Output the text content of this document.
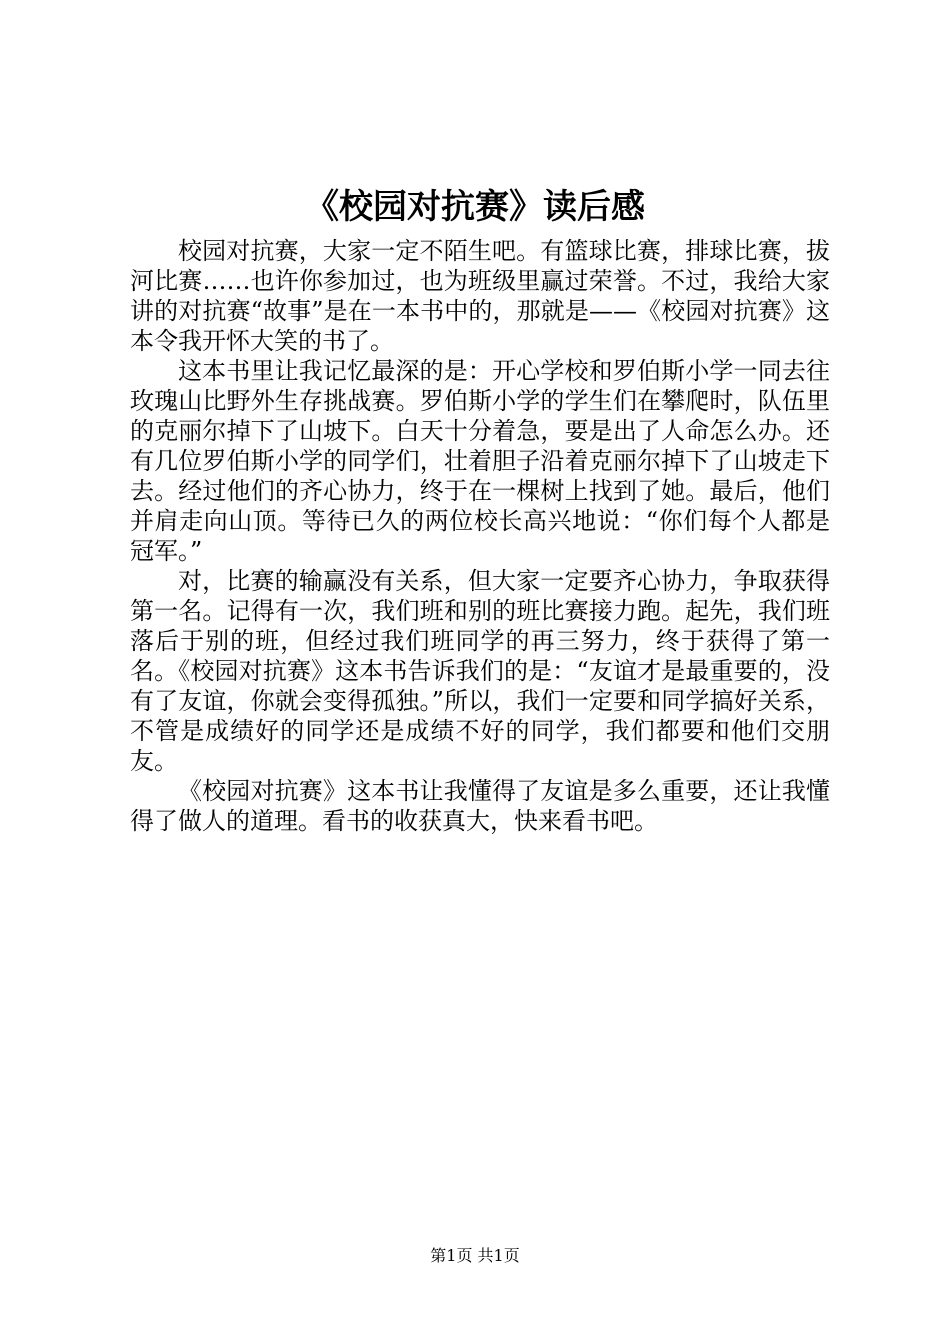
《校园对抗赛》读后感

校园对抗赛，大家一定不陌生吧。有篮球比赛，排球比赛，拔河比赛……也许你参加过，也为班级里赢过荣誉。不过，我给大家讲的对抗赛“故事”是在一本书中的，那就是——《校园对抗赛》这本令我开怀大笑的书了。

这本书里让我记忆最深的是：开心学校和罗伯斯小学一同去往玫瑰山比野外生存挑战赛。罗伯斯小学的学生们在攀爬时，队伍里的克丽尔掉下了山坡下。白天十分着急，要是出了人命怎么办。还有几位罗伯斯小学的同学们，壮着胆子沿着克丽尔掉下了山坡走下去。经过他们的齐心协力，终于在一棵树上找到了她。最后，他们并肩走向山顶。等待已久的两位校长高兴地说：“你们每个人都是冠军。”

对，比赛的输赢没有关系，但大家一定要齐心协力，争取获得第一名。记得有一次，我们班和别的班比赛接力跑。起先，我们班落后于别的班，但经过我们班同学的再三努力，终于获得了第一名。《校园对抗赛》这本书告诉我们的是：“友谊才是最重要的，没有了友谊，你就会变得孤独。”所以，我们一定要和同学搞好关系，不管是成绩好的同学还是成绩不好的同学，我们都要和他们交朋友。

《校园对抗赛》这本书让我懂得了友谊是多么重要，还让我懂得了做人的道理。看书的收获真大，快来看书吧。

第1页 共1页
